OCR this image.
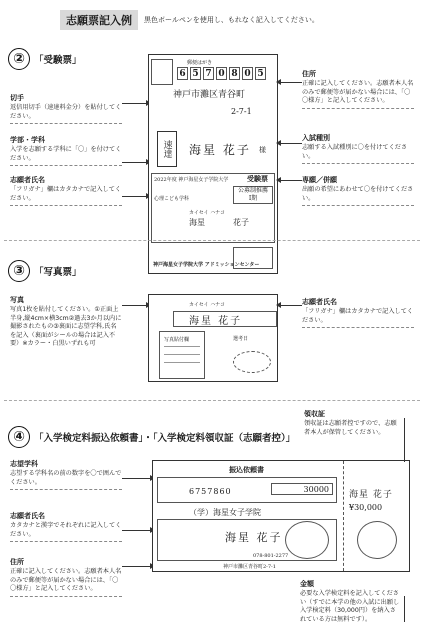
志願票記入例	黒色ボールペンを使用し、もれなく記入してください。
② 「受験票」
切手
返信用切手（速達料金分）を貼付してください。
学部・学科
入学を志願する学科に「〇」を付けてください。
志願者氏名
「フリガナ」欄はカタカナで記入してください。
郵便はがき
6 5 7 0 8 0 5
神戸市灘区青谷町
2-7-1
速達	海星 花子 様
2022年度 神戸海星女子学院大学	受験票
心理こども学科
公募制推薦
Ⅰ期
カイセイ ハナコ
海星	花子
神戸海星女子学院大学 アドミッションセンター
住所
正確に記入してください。志願者本人名のみで郵便等が届かない場合には、「〇〇様方」と記入してください。
入試種別
志願する入試種別に〇を付けてください。
専願／併願
出願の希望にあわせて〇を付けてください。
③ 「写真票」
写真
写真1枚を貼付してください。①正面上半身,縦4cm×横3cm②過去3か月以内に撮影されたもの③裏面に志望学科,氏名を記入（裏面がシールの場合は記入不要）※カラー・白黒いずれも可
カイセイ ハナコ
海星 花子
写真貼付欄	選考日
志願者氏名
「フリガナ」欄はカタカナで記入してください。
④ 「入学検定料振込依頼書」・「入学検定料領収証（志願者控）」
志望学科
志望する学科名の前の数字を〇で囲んでください。
志願者氏名
カタカナと漢字でそれぞれに記入してください。
住所
正確に記入してください。志願者本人名のみで郵便等が届かない場合には、「〇〇様方」と記入してください。
振込依頼書
6757860	30000
（学）海星女子学院
海星 花子
神戸市灘区青谷町2-7-1
078-801-2277
海星 花子
¥30,000
領収証
領収証は志願者控ですので、志願者本人が保管してください。
金額
必要な入学検定料を記入してください（すでに本学の他の入試に出願し入学検定料（30,000円）を納入されている方は無料です）。
